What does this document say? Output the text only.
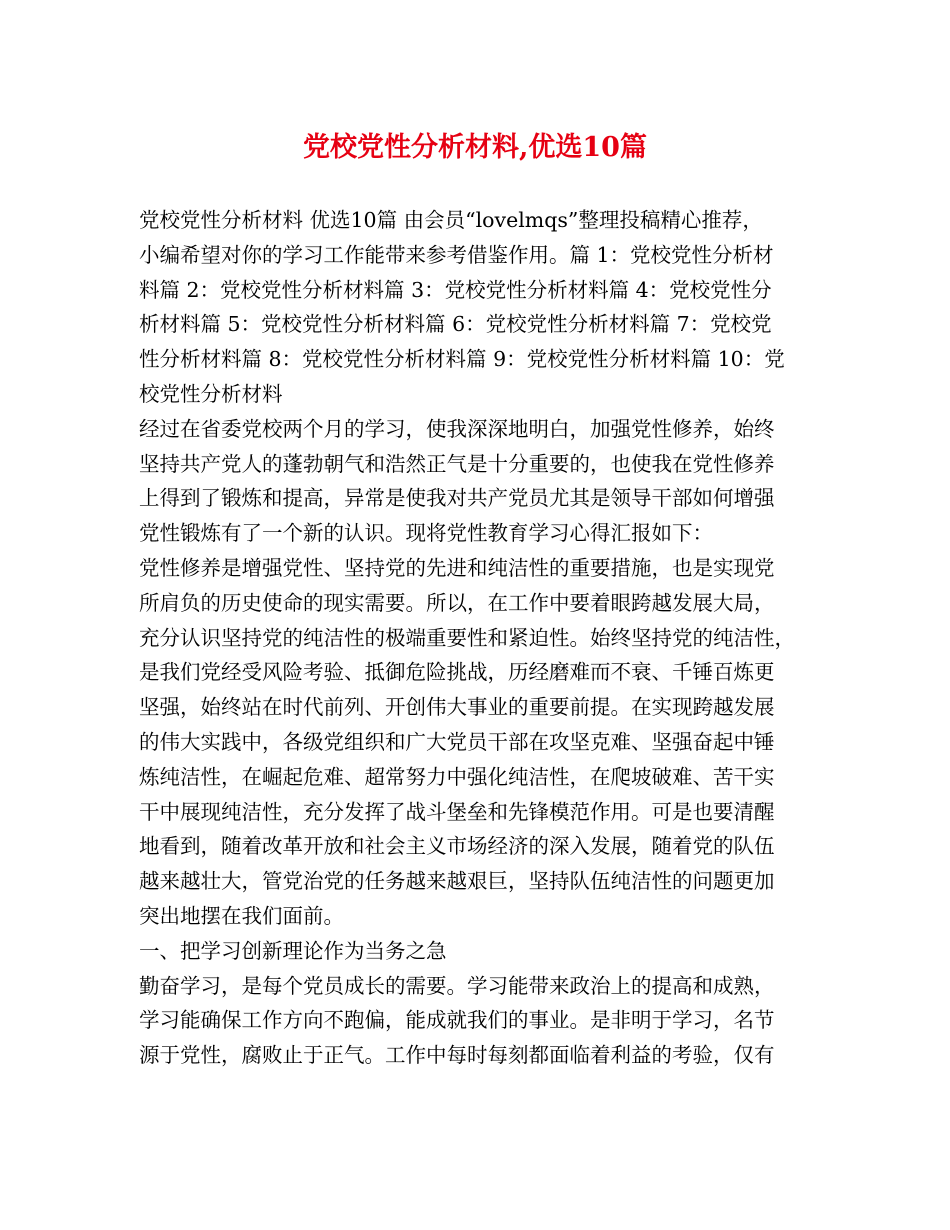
党校党性分析材料,优选10篇
党校党性分析材料 优选10篇 由会员“lovelmqs”整理投稿精心推荐，
小编希望对你的学习工作能带来参考借鉴作用。篇 1：党校党性分析材
料篇 2：党校党性分析材料篇 3：党校党性分析材料篇 4：党校党性分
析材料篇 5：党校党性分析材料篇 6：党校党性分析材料篇 7：党校党
性分析材料篇 8：党校党性分析材料篇 9：党校党性分析材料篇 10：党
校党性分析材料
经过在省委党校两个月的学习，使我深深地明白，加强党性修养，始终
坚持共产党人的蓬勃朝气和浩然正气是十分重要的，也使我在党性修养
上得到了锻炼和提高，异常是使我对共产党员尤其是领导干部如何增强
党性锻炼有了一个新的认识。现将党性教育学习心得汇报如下：
党性修养是增强党性、坚持党的先进和纯洁性的重要措施，也是实现党
所肩负的历史使命的现实需要。所以，在工作中要着眼跨越发展大局，
充分认识坚持党的纯洁性的极端重要性和紧迫性。始终坚持党的纯洁性，
是我们党经受风险考验、抵御危险挑战，历经磨难而不衰、千锤百炼更
坚强，始终站在时代前列、开创伟大事业的重要前提。在实现跨越发展
的伟大实践中，各级党组织和广大党员干部在攻坚克难、坚强奋起中锤
炼纯洁性，在崛起危难、超常努力中强化纯洁性，在爬坡破难、苦干实
干中展现纯洁性，充分发挥了战斗堡垒和先锋模范作用。可是也要清醒
地看到，随着改革开放和社会主义市场经济的深入发展，随着党的队伍
越来越壮大，管党治党的任务越来越艰巨，坚持队伍纯洁性的问题更加
突出地摆在我们面前。
一、把学习创新理论作为当务之急
勤奋学习，是每个党员成长的需要。学习能带来政治上的提高和成熟，
学习能确保工作方向不跑偏，能成就我们的事业。是非明于学习，名节
源于党性，腐败止于正气。工作中每时每刻都面临着利益的考验，仅有
